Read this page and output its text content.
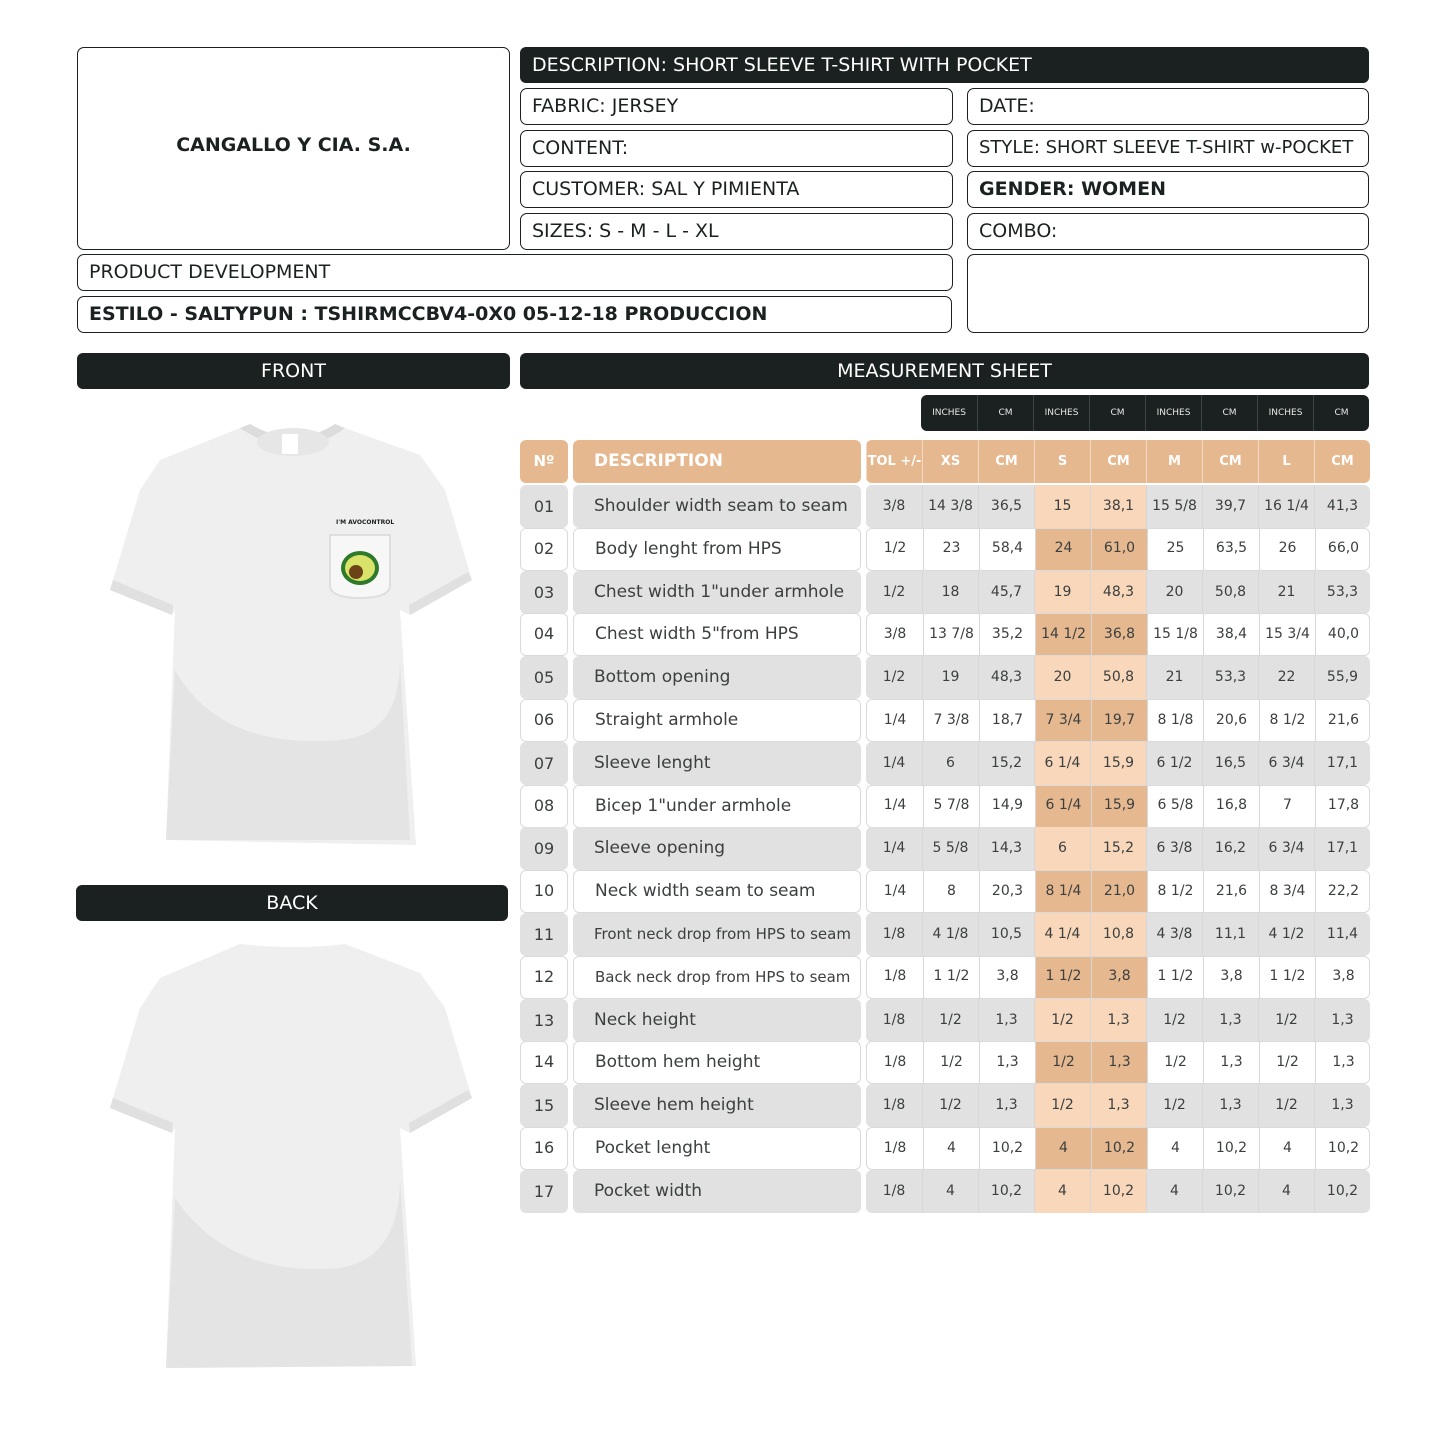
CANGALLO Y CIA. S.A.
DESCRIPTION: SHORT SLEEVE T-SHIRT WITH POCKET
FABRIC: JERSEY	DATE:
CONTENT:	STYLE: SHORT SLEEVE T-SHIRT w-POCKET
CUSTOMER: SAL Y PIMIENTA	GENDER: WOMEN
SIZES: S - M - L - XL	COMBO:
PRODUCT DEVELOPMENT
ESTILO - SALTYPUN : TSHIRMCCBV4-0X0 05-12-18 PRODUCCION
FRONT	MEASUREMENT SHEET
BACK
I'M AVOCONTROL
INCHES	CM	INCHES	CM	INCHES	CM	INCHES	CM
Nº	DESCRIPTION	TOL +/-	XS	CM	S	CM	M	CM	L	CM
01	Shoulder width seam to seam	3/8	14 3/8	36,5	15	38,1	15 5/8	39,7	16 1/4	41,3
02	Body lenght from HPS	1/2	23	58,4	24	61,0	25	63,5	26	66,0
03	Chest width 1"under armhole	1/2	18	45,7	19	48,3	20	50,8	21	53,3
04	Chest width 5"from HPS	3/8	13 7/8	35,2	14 1/2	36,8	15 1/8	38,4	15 3/4	40,0
05	Bottom opening	1/2	19	48,3	20	50,8	21	53,3	22	55,9
06	Straight armhole	1/4	7 3/8	18,7	7 3/4	19,7	8 1/8	20,6	8 1/2	21,6
07	Sleeve lenght	1/4	6	15,2	6 1/4	15,9	6 1/2	16,5	6 3/4	17,1
08	Bicep 1"under armhole	1/4	5 7/8	14,9	6 1/4	15,9	6 5/8	16,8	7	17,8
09	Sleeve opening	1/4	5 5/8	14,3	6	15,2	6 3/8	16,2	6 3/4	17,1
10	Neck width seam to seam	1/4	8	20,3	8 1/4	21,0	8 1/2	21,6	8 3/4	22,2
11	Front neck drop from HPS to seam	1/8	4 1/8	10,5	4 1/4	10,8	4 3/8	11,1	4 1/2	11,4
12	Back neck drop from HPS to seam	1/8	1 1/2	3,8	1 1/2	3,8	1 1/2	3,8	1 1/2	3,8
13	Neck height	1/8	1/2	1,3	1/2	1,3	1/2	1,3	1/2	1,3
14	Bottom hem height	1/8	1/2	1,3	1/2	1,3	1/2	1,3	1/2	1,3
15	Sleeve hem height	1/8	1/2	1,3	1/2	1,3	1/2	1,3	1/2	1,3
16	Pocket lenght	1/8	4	10,2	4	10,2	4	10,2	4	10,2
17	Pocket width	1/8	4	10,2	4	10,2	4	10,2	4	10,2
